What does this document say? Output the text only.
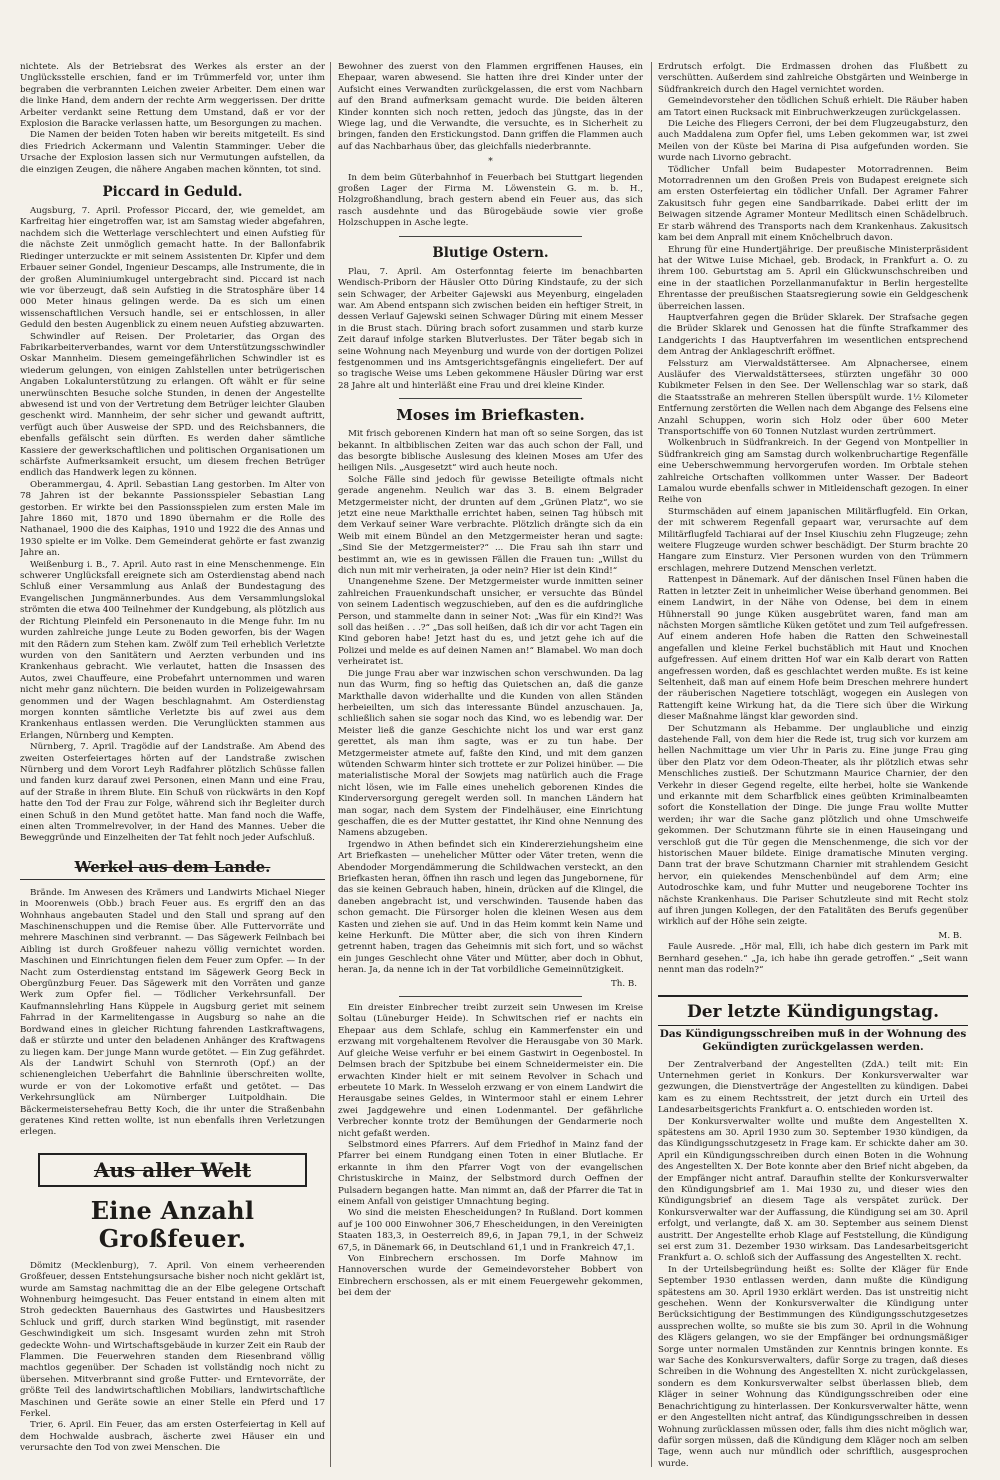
nichtete. Als der Betriebsrat des Werkes als erster an der Unglücksstelle erschien, fand er im Trümmerfeld vor, unter ihm begraben die verbrannten Leichen zweier Arbeiter. Dem einen war die linke Hand, dem andern der rechte Arm weggerissen. Der dritte Arbeiter verdankt seine Rettung dem Umstand, daß er vor der Explosion die Baracke verlassen hatte, um Besorgungen zu machen.

Die Namen der beiden Toten haben wir bereits mitgeteilt. Es sind dies Friedrich Ackermann und Valentin Stamminger. Ueber die Ursache der Explosion lassen sich nur Vermutungen aufstellen, da die einzigen Zeugen, die nähere Angaben machen könnten, tot sind.

Piccard in Geduld.

Augsburg, 7. April. Professor Piccard, der, wie gemeldet, am Karfreitag hier eingetroffen war, ist am Samstag wieder abgefahren, nachdem sich die Wetterlage verschlechtert und einen Aufstieg für die nächste Zeit unmöglich gemacht hatte. In der Ballonfabrik Riedinger unterzuckte er mit seinem Assistenten Dr. Kipfer und dem Erbauer seiner Gondel, Ingenieur Descamps, alle Instrumente, die in der großen Aluminiumkugel untergebracht sind. Piccard ist nach wie vor überzeugt, daß sein Aufstieg in die Stratosphäre über 14 000 Meter hinaus gelingen werde. Da es sich um einen wissenschaftlichen Versuch handle, sei er entschlossen, in aller Geduld den besten Augenblick zu einem neuen Aufstieg abzuwarten.

Schwindler auf Reisen. Der Proletarier, das Organ des Fabrikarbeiterverbandes, warnt vor dem Unterstützungsschwindler Oskar Mannheim. Diesem gemeingefährlichen Schwindler ist es wiederum gelungen, von einigen Zahlstellen unter betrügerischen Angaben Lokalunterstützung zu erlangen. Oft wählt er für seine unerwünschten Besuche solche Stunden, in denen der Angestellte abwesend ist und von der Vertretung dem Betrüger leichter Glauben geschenkt wird. Mannheim, der sehr sicher und gewandt auftritt, verfügt auch über Ausweise der SPD. und des Reichsbanners, die ebenfalls gefälscht sein dürften. Es werden daher sämtliche Kassiere der gewerkschaftlichen und politischen Organisationen um schärfste Aufmerksamkeit ersucht, um diesem frechen Betrüger endlich das Handwerk legen zu können.

Oberammergau, 4. April. Sebastian Lang gestorben. Im Alter von 78 Jahren ist der bekannte Passionsspieler Sebastian Lang gestorben. Er wirkte bei den Passionsspielen zum ersten Male im Jahre 1860 mit, 1870 und 1890 übernahm er die Rolle des Nathanael, 1900 die des Kaiphas, 1910 und 1922 die des Annas und 1930 spielte er im Volke. Dem Gemeinderat gehörte er fast zwanzig Jahre an.

Weißenburg i. B., 7. April. Auto rast in eine Menschenmenge. Ein schwerer Unglücksfall ereignete sich am Osterdienstag abend nach Schluß einer Versammlung aus Anlaß der Bundestagung des Evangelischen Jungmännerbundes. Aus dem Versammlungslokal strömten die etwa 400 Teilnehmer der Kundgebung, als plötzlich aus der Richtung Pleinfeld ein Personenauto in die Menge fuhr. Im nu wurden zahlreiche junge Leute zu Boden geworfen, bis der Wagen mit den Rädern zum Stehen kam. Zwölf zum Teil erheblich Verletzte wurden von den Sanitätern und Aerzten verbunden und ins Krankenhaus gebracht. Wie verlautet, hatten die Insassen des Autos, zwei Chauffeure, eine Probefahrt unternommen und waren nicht mehr ganz nüchtern. Die beiden wurden in Polizeigewahrsam genommen und der Wagen beschlagnahmt. Am Osterdienstag morgen konnten sämtliche Verletzte bis auf zwei aus dem Krankenhaus entlassen werden. Die Verunglückten stammen aus Erlangen, Nürnberg und Kempten.

Nürnberg, 7. April. Tragödie auf der Landstraße. Am Abend des zweiten Osterfeiertages hörten auf der Landstraße zwischen Nürnberg und dem Vorort Leyh Radfahrer plötzlich Schüsse fallen und fanden kurz darauf zwei Personen, einen Mann und eine Frau, auf der Straße in ihrem Blute. Ein Schuß von rückwärts in den Kopf hatte den Tod der Frau zur Folge, während sich ihr Begleiter durch einen Schuß in den Mund getötet hatte. Man fand noch die Waffe, einen alten Trommelrevolver, in der Hand des Mannes. Ueber die Beweggründe und Einzelheiten der Tat fehlt noch jeder Aufschluß.

Werkel aus dem Lande.

Brände. Im Anwesen des Krämers und Landwirts Michael Nieger in Moorenweis (Obb.) brach Feuer aus. Es ergriff den an das Wohnhaus angebauten Stadel und den Stall und sprang auf den Maschinenschuppen und die Remise über. Alle Futtervorräte und mehrere Maschinen sind verbrannt. — Das Sägewerk Feilnbach bei Aibling ist durch Großfeuer nahezu völlig vernichtet worden. Maschinen und Einrichtungen fielen dem Feuer zum Opfer. — In der Nacht zum Osterdienstag entstand im Sägewerk Georg Beck in Obergünzburg Feuer. Das Sägewerk mit den Vorräten und ganze Werk zum Opfer fiel. — Tödlicher Verkehrsunfall. Der Kaufmannslehrling Hans Küppele in Augsburg geriet mit seinem Fahrrad in der Karmelitengasse in Augsburg so nahe an die Bordwand eines in gleicher Richtung fahrenden Lastkraftwagens, daß er stürzte und unter den beladenen Anhänger des Kraftwagens zu liegen kam. Der junge Mann wurde getötet. — Ein Zug gefährdet. Als der Landwirt Schuhl von Sternroth (Opf.) an der schienengleichen Ueberfahrt die Bahnlinie überschreiten wollte, wurde er von der Lokomotive erfaßt und getötet. — Das Verkehrsunglück am Nürnberger Luitpoldhain. Die Bäckermeistersehefrau Betty Koch, die ihr unter die Straßenbahn geratenes Kind retten wollte, ist nun ebenfalls ihren Verletzungen erlegen.

Aus aller Welt
Eine Anzahl Großfeuer.

Dömitz (Mecklenburg), 7. April. Von einem verheerenden Großfeuer, dessen Entstehungsursache bisher noch nicht geklärt ist, wurde am Samstag nachmittag die an der Elbe gelegene Ortschaft Wohnenburg heimgesucht. Das Feuer entstand in einem alten mit Stroh gedeckten Bauernhaus des Gastwirtes und Hausbesitzers Schluck und griff, durch starken Wind begünstigt, mit rasender Geschwindigkeit um sich. Insgesamt wurden zehn mit Stroh gedeckte Wohn- und Wirtschaftsgebäude in kurzer Zeit ein Raub der Flammen. Die Feuerwehren standen dem Riesenbrand völlig machtlos gegenüber. Der Schaden ist vollständig noch nicht zu übersehen. Mitverbrannt sind große Futter- und Erntevorräte, der größte Teil des landwirtschaftlichen Mobiliars, landwirtschaftliche Maschinen und Geräte sowie an einer Stelle ein Pferd und 17 Ferkel.

Trier, 6. April. Ein Feuer, das am ersten Osterfeiertag in Kell auf dem Hochwalde ausbrach, äscherte zwei Häuser ein und verursachte den Tod von zwei Menschen. Die

Bewohner des zuerst von den Flammen ergriffenen Hauses, ein Ehepaar, waren abwesend. Sie hatten ihre drei Kinder unter der Aufsicht eines Verwandten zurückgelassen, die erst vom Nachbarn auf den Brand aufmerksam gemacht wurde. Die beiden älteren Kinder konnten sich noch retten, jedoch das jüngste, das in der Wiege lag, und die Verwandte, die versuchte, es in Sicherheit zu bringen, fanden den Erstickungstod. Dann griffen die Flammen auch auf das Nachbarhaus über, das gleichfalls niederbrannte.

*

In dem beim Güterbahnhof in Feuerbach bei Stuttgart liegenden großen Lager der Firma M. Löwenstein G. m. b. H., Holzgroßhandlung, brach gestern abend ein Feuer aus, das sich rasch ausdehnte und das Bürogebäude sowie vier große Holzschuppen in Asche legte.

Blutige Ostern.

Plau, 7. April. Am Osterfonntag feierte im benachbarten Wendisch-Priborn der Häusler Otto Düring Kindstaufe, zu der sich sein Schwager, der Arbeiter Gajewski aus Meyenburg, eingeladen war. Am Abend entspann sich zwischen beiden ein heftiger Streit, in dessen Verlauf Gajewski seinen Schwager Düring mit einem Messer in die Brust stach. Düring brach sofort zusammen und starb kurze Zeit darauf infolge starken Blutverlustes. Der Täter begab sich in seine Wohnung nach Meyenburg und wurde von der dortigen Polizei festgenommen und ins Amtsgerichtsgefängnis eingeliefert. Der auf so tragische Weise ums Leben gekommene Häusler Düring war erst 28 Jahre alt und hinterläßt eine Frau und drei kleine Kinder.

Moses im Briefkasten.

Mit frisch geborenen Kindern hat man oft so seine Sorgen, das ist bekannt. In altbiblischen Zeiten war das auch schon der Fall, und das besorgte biblische Auslesung des kleinen Moses am Ufer des heiligen Nils. „Ausgesetzt“ wird auch heute noch.

Solche Fälle sind jedoch für gewisse Beteiligte oftmals nicht gerade angenehm. Neulich war das 3. B. einem Belgrader Metzgermeister nicht, der drunten auf dem „Grünen Platz“, wo sie jetzt eine neue Markthalle errichtet haben, seinen Tag hübsch mit dem Verkauf seiner Ware verbrachte. Plötzlich drängte sich da ein Weib mit einem Bündel an den Metzgermeister heran und sagte: „Sind Sie der Metzgermeister?“ ... Die Frau sah ihn starr und bestimmt an, wie es in gewissen Fällen die Frauen tun: „Willst du dich nun mit mir verheiraten, ja oder nein? Hier ist dein Kind!“

Unangenehme Szene. Der Metzgermeister wurde inmitten seiner zahlreichen Frauenkundschaft unsicher, er versuchte das Bündel von seinem Ladentisch wegzuschieben, auf den es die aufdringliche Person, und stammelte dann in seiner Not: „Was für ein Kind?! Was soll das heißen . . .?“ „Das soll heißen, daß ich dir vor acht Tagen ein Kind geboren habe! Jetzt hast du es, und jetzt gehe ich auf die Polizei und melde es auf deinen Namen an!“ Blamabel. Wo man doch verheiratet ist.

Die junge Frau aber war inzwischen schon verschwunden. Da lag nun das Wurm, fing so heftig das Quietschen an, daß die ganze Markthalle davon widerhallte und die Kunden von allen Ständen herbeieilten, um sich das interessante Bündel anzuschauen. Ja, schließlich sahen sie sogar noch das Kind, wo es lebendig war. Der Meister ließ die ganze Geschichte nicht los und war erst ganz gerettet, als man ihm sagte, was er zu tun habe. Der Metzgermeister atmete auf, faßte den Kind, und mit dem ganzen wütenden Schwarm hinter sich trottete er zur Polizei hinüber. — Die materialistische Moral der Sowjets mag natürlich auch die Frage nicht lösen, wie im Falle eines unehelich geborenen Kindes die Kinderversorgung geregelt werden soll. In manchen Ländern hat man sogar, nach dem System der Findelhäuser, eine Einrichtung geschaffen, die es der Mutter gestattet, ihr Kind ohne Nennung des Namens abzugeben.

Irgendwo in Athen befindet sich ein Kindererziehungsheim eine Art Briefkasten — unehelicher Mütter oder Väter treten, wenn die Abendoder Morgendämmerung die Schildwachen versteckt, an den Briefkasten heran, öffnen ihn rasch und legen das Jungebornene, für das sie keinen Gebrauch haben, hinein, drücken auf die Klingel, die daneben angebracht ist, und verschwinden. Tausende haben das schon gemacht. Die Fürsorger holen die kleinen Wesen aus dem Kasten und ziehen sie auf. Und in das Heim kommt kein Name und keine Herkunft. Die Mütter aber, die sich von ihren Kindern getrennt haben, tragen das Geheimnis mit sich fort, und so wächst ein junges Geschlecht ohne Väter und Mütter, aber doch in Obhut, heran. Ja, da nenne ich in der Tat vorbildliche Gemeinnützigkeit.

Th. B.

Ein dreister Einbrecher treibt zurzeit sein Unwesen im Kreise Soltau (Lüneburger Heide). In Schwitschen rief er nachts ein Ehepaar aus dem Schlafe, schlug ein Kammerfenster ein und erzwang mit vorgehaltenem Revolver die Herausgabe von 30 Mark. Auf gleiche Weise verfuhr er bei einem Gastwirt in Oegenbostel. In Delmsen brach der Spitzbube bei einem Schneidermeister ein. Die erwachten Kinder hielt er mit seinem Revolver in Schach und erbeutete 10 Mark. In Wesseloh erzwang er von einem Landwirt die Herausgabe seines Geldes, in Wintermoor stahl er einem Lehrer zwei Jagdgewehre und einen Lodenmantel. Der gefährliche Verbrecher konnte trotz der Bemühungen der Gendarmerie noch nicht gefaßt werden.

Selbstmord eines Pfarrers. Auf dem Friedhof in Mainz fand der Pfarrer bei einem Rundgang einen Toten in einer Blutlache. Er erkannte in ihm den Pfarrer Vogt von der evangelischen Christuskirche in Mainz, der Selbstmord durch Oeffnen der Pulsadern begangen hatte. Man nimmt an, daß der Pfarrer die Tat in einem Anfall von geistiger Umnachtung beging.

Wo sind die meisten Ehescheidungen? In Rußland. Dort kommen auf je 100 000 Einwohner 306,7 Ehescheidungen, in den Vereinigten Staaten 183,3, in Oesterreich 89,6, in Japan 79,1, in der Schweiz 67,5, in Dänemark 66, in Deutschland 61,1 und in Frankreich 47,1.

Von Einbrechern erschossen. Im Dorfe Mahnow im Hannoverschen wurde der Gemeindevorsteher Bobbert von Einbrechern erschossen, als er mit einem Feuergewehr gekommen, bei dem der

Erdrutsch erfolgt. Die Erdmassen drohen das Flußbett zu verschütten. Außerdem sind zahlreiche Obstgärten und Weinberge in Südfrankreich durch den Hagel vernichtet worden.

Gemeindevorsteher den tödlichen Schuß erhielt. Die Räuber haben am Tatort einen Rucksack mit Einbruchwerkzeugen zurückgelassen.

Die Leiche des Fliegers Cerroni, der bei dem Flugzeugabsturz, den auch Maddalena zum Opfer fiel, ums Leben gekommen war, ist zwei Meilen von der Küste bei Marina di Pisa aufgefunden worden. Sie wurde nach Livorno gebracht.

Tödlicher Unfall beim Budapester Motorradrennen. Beim Motorradrennen um den Großen Preis von Budapest ereignete sich am ersten Osterfeiertag ein tödlicher Unfall. Der Agramer Fahrer Zakusitsch fuhr gegen eine Sandbarrikade. Dabei erlitt der im Beiwagen sitzende Agramer Monteur Medlitsch einen Schädelbruch. Er starb während des Transports nach dem Krankenhaus. Zakusitsch kam bei dem Anprall mit einem Knöchelbruch davon.

Ehrung für eine Hundertjährige. Der preußische Ministerpräsident hat der Witwe Luise Michael, geb. Brodack, in Frankfurt a. O. zu ihrem 100. Geburtstag am 5. April ein Glückwunschschreiben und eine in der staatlichen Porzellanmanufaktur in Berlin hergestellte Ehrentasse der preußischen Staatsregierung sowie ein Geldgeschenk überreichen lassen.

Hauptverfahren gegen die Brüder Sklarek. Der Strafsache gegen die Brüder Sklarek und Genossen hat die fünfte Strafkammer des Landgerichts I das Hauptverfahren im wesentlichen entsprechend dem Antrag der Anklageschrift eröffnet.

Felssturz am Vierwaldstättersee. Am Alpnachersee, einem Ausläufer des Vierwaldstättersees, stürzten ungefähr 30 000 Kubikmeter Felsen in den See. Der Wellenschlag war so stark, daß die Staatsstraße an mehreren Stellen überspült wurde. 1½ Kilometer Entfernung zerstörten die Wellen nach dem Abgange des Felsens eine Anzahl Schuppen, worin sich Holz oder über 600 Meter Transportschiffe von 60 Tonnen Nutzlast wurden zertrümmert.

Wolkenbruch in Südfrankreich. In der Gegend von Montpellier in Südfrankreich ging am Samstag durch wolkenbruchartige Regenfälle eine Ueberschwemmung hervorgerufen worden. Im Orbtale stehen zahlreiche Ortschaften vollkommen unter Wasser. Der Badeort Lamalou wurde ebenfalls schwer in Mitleidenschaft gezogen. In einer Reihe von

Sturmschäden auf einem japanischen Militärflugfeld. Ein Orkan, der mit schwerem Regenfall gepaart war, verursachte auf dem Militärflugfeld Tachiarai auf der Insel Kiuschiu zehn Flugzeuge; zehn weitere Flugzeuge wurden schwer beschädigt. Der Sturm brachte 20 Hangare zum Einsturz. Vier Personen wurden von den Trümmern erschlagen, mehrere Dutzend Menschen verletzt.

Rattenpest in Dänemark. Auf der dänischen Insel Fünen haben die Ratten in letzter Zeit in unheimlicher Weise überhand genommen. Bei einem Landwirt, in der Nähe von Odense, bei dem in einem Hühnerstall 90 junge Küken ausgebrütet waren, fand man am nächsten Morgen sämtliche Küken getötet und zum Teil aufgefressen. Auf einem anderen Hofe haben die Ratten den Schweinestall angefallen und kleine Ferkel buchstäblich mit Haut und Knochen aufgefressen. Auf einem dritten Hof war ein Kalb derart von Ratten angefressen worden, daß es geschlachtet werden mußte. Es ist keine Seltenheit, daß man auf einem Hofe beim Dreschen mehrere hundert der räuberischen Nagetiere totschlägt, wogegen ein Auslegen von Rattengift keine Wirkung hat, da die Tiere sich über die Wirkung dieser Maßnahme längst klar geworden sind.

Der Schutzmann als Hebamme. Der unglaubliche und einzig dastehende Fall, von dem hier die Rede ist, trug sich vor kurzem am hellen Nachmittage um vier Uhr in Paris zu. Eine junge Frau ging über den Platz vor dem Odeon-Theater, als ihr plötzlich etwas sehr Menschliches zustieß. Der Schutzmann Maurice Charnier, der den Verkehr in dieser Gegend regelte, eilte herbei, holte sie Wankende und erkannte mit dem Scharfblick eines geübten Kriminalbeamten sofort die Konstellation der Dinge. Die junge Frau wollte Mutter werden; ihr war die Sache ganz plötzlich und ohne Umschweife gekommen. Der Schutzmann führte sie in einen Hauseingang und verschloß gut die Tür gegen die Menschenmenge, die sich vor der historischen Mauer bildete. Einige dramatische Minuten verging. Dann trat der brave Schutzmann Charnier mit strahlendem Gesicht hervor, ein quiekendes Menschenbündel auf dem Arm; eine Autodroschke kam, und fuhr Mutter und neugeborene Tochter ins nächste Krankenhaus. Die Pariser Schutzleute sind mit Recht stolz auf ihren jungen Kollegen, der den Fatalitäten des Berufs gegenüber wirklich auf der Höhe sein zeigte.

M. B.

Faule Ausrede. „Hör mal, Elli, ich habe dich gestern im Park mit Bernhard gesehen.“ „Ja, ich habe ihn gerade getroffen.“ „Seit wann nennt man das rodeln?“

Der letzte Kündigungstag.
Das Kündigungsschreiben muß in der Wohnung des Gekündigten zurückgelassen werden.

Der Zentralverband der Angestellten (ZdA.) teilt mit: Ein Unternehmen geriet in Konkurs. Der Konkursverwalter war gezwungen, die Dienstverträge der Angestellten zu kündigen. Dabei kam es zu einem Rechtsstreit, der jetzt durch ein Urteil des Landesarbeitsgerichts Frankfurt a. O. entschieden worden ist.

Der Konkursverwalter wollte und mußte dem Angestellten X. spätestens am 30. April 1930 zum 30. September 1930 kündigen, da das Kündigungsschutzgesetz in Frage kam. Er schickte daher am 30. April ein Kündigungsschreiben durch einen Boten in die Wohnung des Angestellten X. Der Bote konnte aber den Brief nicht abgeben, da der Empfänger nicht antraf. Daraufhin stellte der Konkursverwalter den Kündigungsbrief am 1. Mai 1930 zu, und dieser wies den Kündigungsbrief an diesem Tage als verspätet zurück. Der Konkursverwalter war der Auffassung, die Kündigung sei am 30. April erfolgt, und verlangte, daß X. am 30. September aus seinem Dienst austritt. Der Angestellte erhob Klage auf Feststellung, die Kündigung sei erst zum 31. Dezember 1930 wirksam. Das Landesarbeitsgericht Frankfurt a. O. schloß sich der Auffassung des Angestellten X. recht.

In der Urteilsbegründung heißt es: Sollte der Kläger für Ende September 1930 entlassen werden, dann mußte die Kündigung spätestens am 30. April 1930 erklärt werden. Das ist unstreitig nicht geschehen. Wenn der Konkursverwalter die Kündigung unter Berücksichtigung der Bestimmungen des Kündigungsschutzgesetzes aussprechen wollte, so mußte sie bis zum 30. April in die Wohnung des Klägers gelangen, wo sie der Empfänger bei ordnungsmäßiger Sorge unter normalen Umständen zur Kenntnis bringen konnte. Es war Sache des Konkursverwalters, dafür Sorge zu tragen, daß dieses Schreiben in die Wohnung des Angestellten X. nicht zurückgelassen, sondern es dem Konkursverwalter selbst überlassen blieb, dem Kläger in seiner Wohnung das Kündigungsschreiben oder eine Benachrichtigung zu hinterlassen. Der Konkursverwalter hätte, wenn er den Angestellten nicht antraf, das Kündigungsschreiben in dessen Wohnung zurücklassen müssen oder, falls ihm dies nicht möglich war, dafür sorgen müssen, daß die Kündigung dem Kläger noch am selben Tage, wenn auch nur mündlich oder schriftlich, ausgesprochen wurde.
